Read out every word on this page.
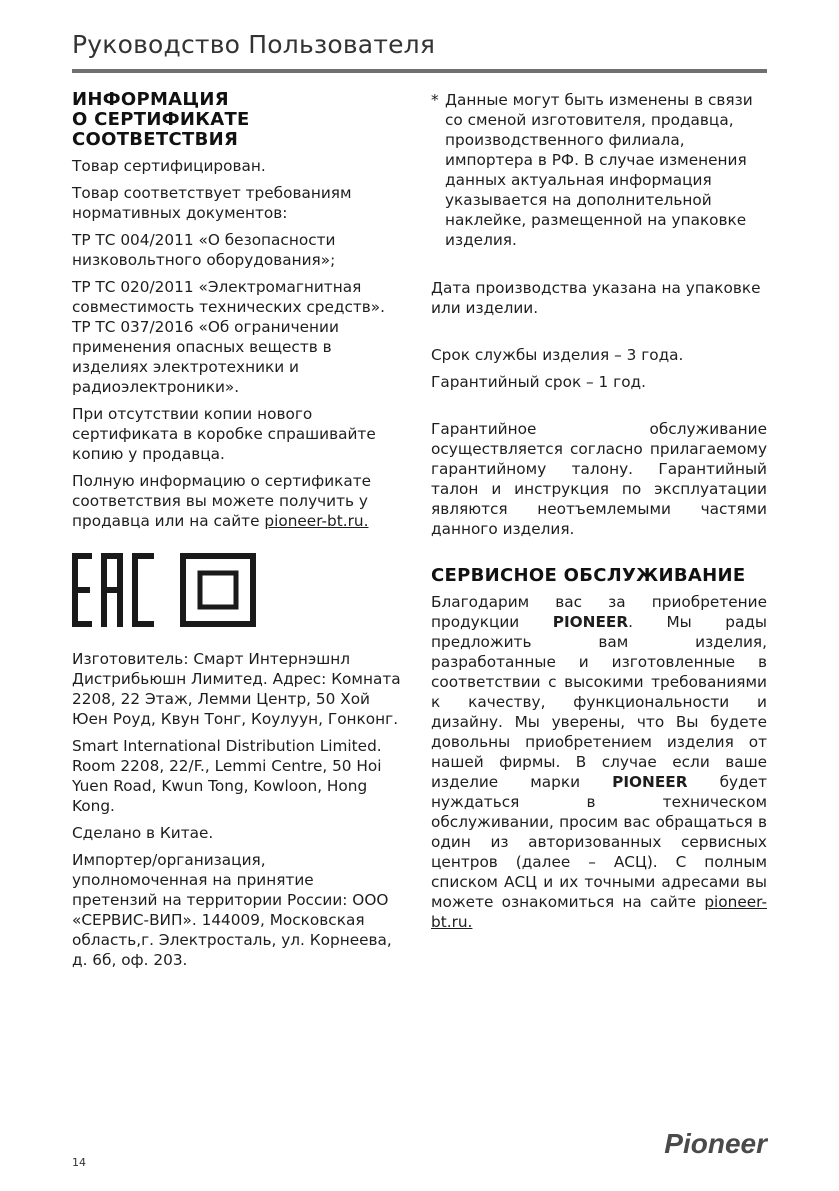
Руководство Пользователя
ИНФОРМАЦИЯ
О СЕРТИФИКАТЕ
СООТВЕТСТВИЯ

Товар сертифицирован.

Товар соответствует требованиям нормативных документов:

ТР ТС 004/2011 «О безопасности низковольтного оборудования»;

ТР ТС 020/2011 «Электромагнитная совместимость технических средств».

ТР ТС 037/2016 «Об ограничении применения опасных веществ в изделиях электротехники и радиоэлектроники».

При отсутствии копии нового сертификата в коробке спрашивайте копию у продавца.

Полную информацию о сертификате соответствия вы можете получить у продавца или на сайте pioneer-bt.ru.

Изготовитель: Смарт Интернэшнл Дистрибьюшн Лимитед. Адрес: Комната 2208, 22 Этаж, Лемми Центр, 50 Хой Юен Роуд, Квун Тонг, Коулуун, Гонконг.

Smart International Distribution Limited. Room 2208, 22/F., Lemmi Centre, 50 Hoi Yuen Road, Kwun Tong, Kowloon, Hong Kong.

Сделано в Китае.

Импортер/организация, уполномоченная на принятие претензий на территории России: ООО «СЕРВИС-ВИП». 144009, Московская область,г. Электросталь, ул. Корнеева, д. 6б, оф. 203.

* Данные могут быть изменены в связи со сменой изготовителя, продавца, производственного филиала, импортера в РФ. В случае изменения данных актуальная информация указывается на дополнительной наклейке, размещенной на упаковке изделия.

Дата производства указана на упаковке или изделии.

Срок службы изделия – 3 года.

Гарантийный срок – 1 год.

Гарантийное обслуживание осуществляется согласно прилагаемому гарантийному талону. Гарантийный талон и инструкция по эксплуатации являются неотъемлемыми частями данного изделия.

СЕРВИСНОЕ ОБСЛУЖИВАНИЕ

Благодарим вас за приобретение продукции PIONEER. Мы рады предложить вам изделия, разработанные и изготовленные в соответствии с высокими требованиями к качеству, функциональности и дизайну. Мы уверены, что Вы будете довольны приобретением изделия от нашей фирмы. В случае если ваше изделие марки PIONEER будет нуждаться в техническом обслуживании, просим вас обращаться в один из авторизованных сервисных центров (далее – АСЦ). С полным списком АСЦ и их точными адресами вы можете ознакомиться на сайте pioneer-bt.ru.

14
Pioneer
